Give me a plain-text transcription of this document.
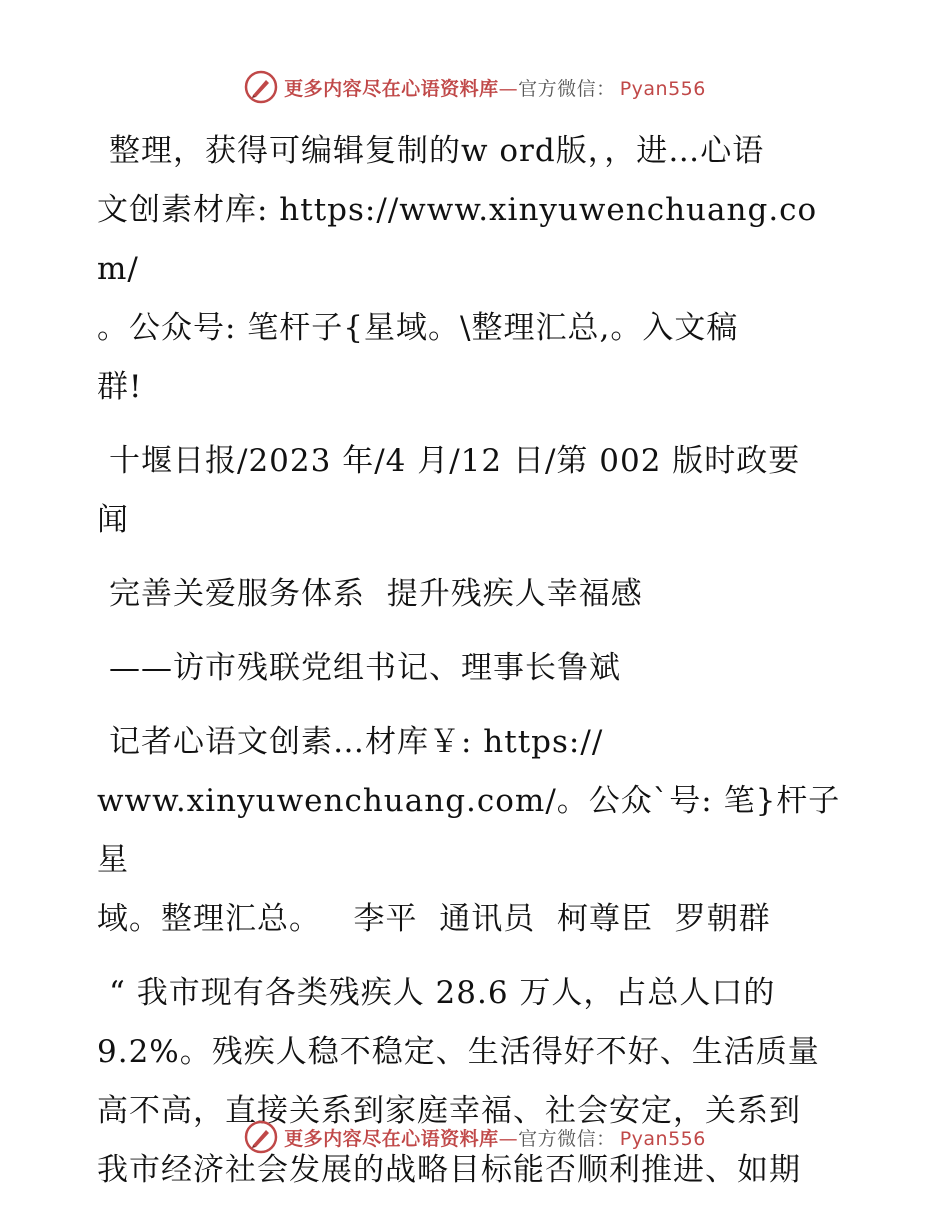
更多内容尽在心语资料库 — 官方微信： Pyan556

整理，获得可编辑复制的w ord版，，进…心语

文创素材库: https://www.xinyuwenchuang.com/

。公众号: 笔杆子{星域。\整理汇总,。入文稿

群!

十堰日报/2023 年/4 月/12 日/第 002 版时政要

闻

完善关爱服务体系  提升残疾人幸福感

——访市残联党组书记、理事长鲁斌

记者心语文创素…材库￥: https://

www.xinyuwenchuang.com/。公众`号: 笔}杆子星

域。整理汇总。   李平  通讯员  柯尊臣  罗朝群

“ 我市现有各类残疾人 28.6 万人，占总人口的

9.2%。残疾人稳不稳定、生活得好不好、生活质量

高不高，直接关系到家庭幸福、社会安定，关系到

我市经济社会发展的战略目标能否顺利推进、如期

更多内容尽在心语资料库 — 官方微信： Pyan556
